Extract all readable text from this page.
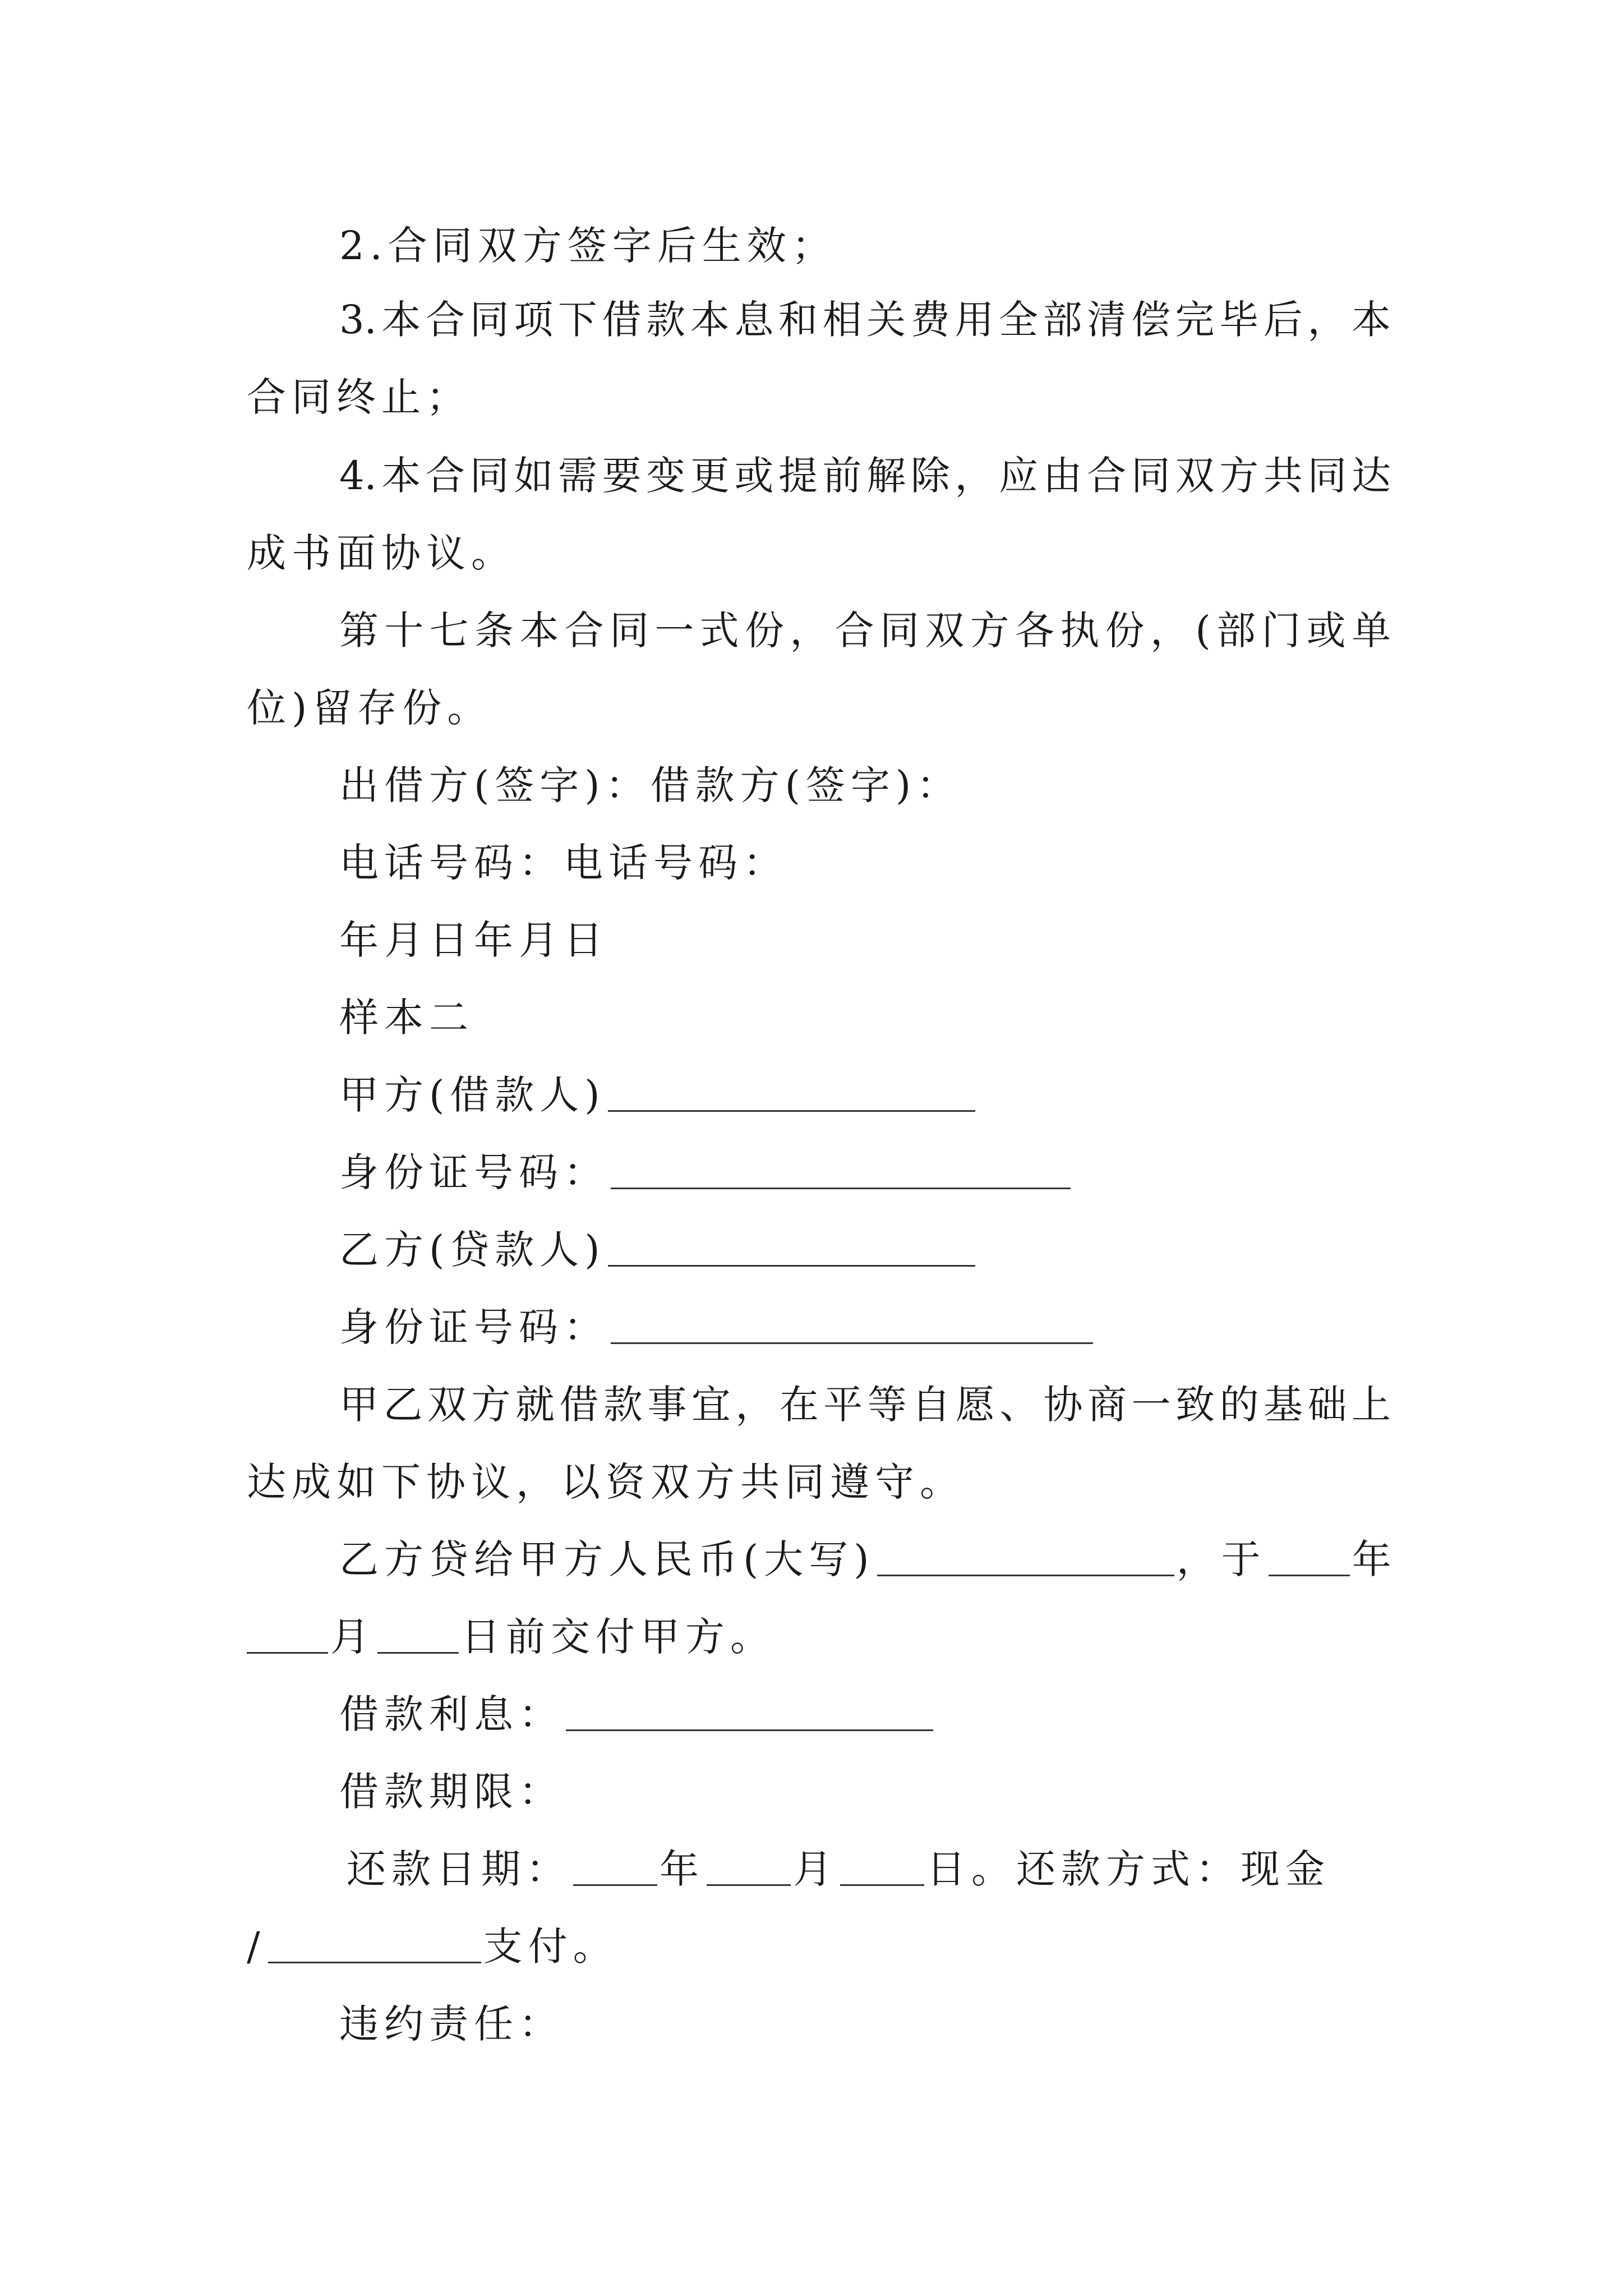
2.合同双方签字后生效；
3.本合同项下借款本息和相关费用全部清偿完毕后，本
合同终止；
4.本合同如需要变更或提前解除，应由合同双方共同达
成书面协议。
第十七条本合同一式份，合同双方各执份，(部门或单
位)留存份。
出借方(签字)：借款方(签字)：
电话号码：电话号码：
年月日年月日
样本二
甲方(借款人)
身份证号码：
乙方(贷款人)
身份证号码：
甲乙双方就借款事宜，在平等自愿、协商一致的基础上
达成如下协议，以资双方共同遵守。
乙方贷给甲方人民币(大写)	，于 年
月 日前交付甲方。
借款利息：
借款期限：
还款日期： 年 月 日。还款方式：现金
/	支付。
违约责任：
